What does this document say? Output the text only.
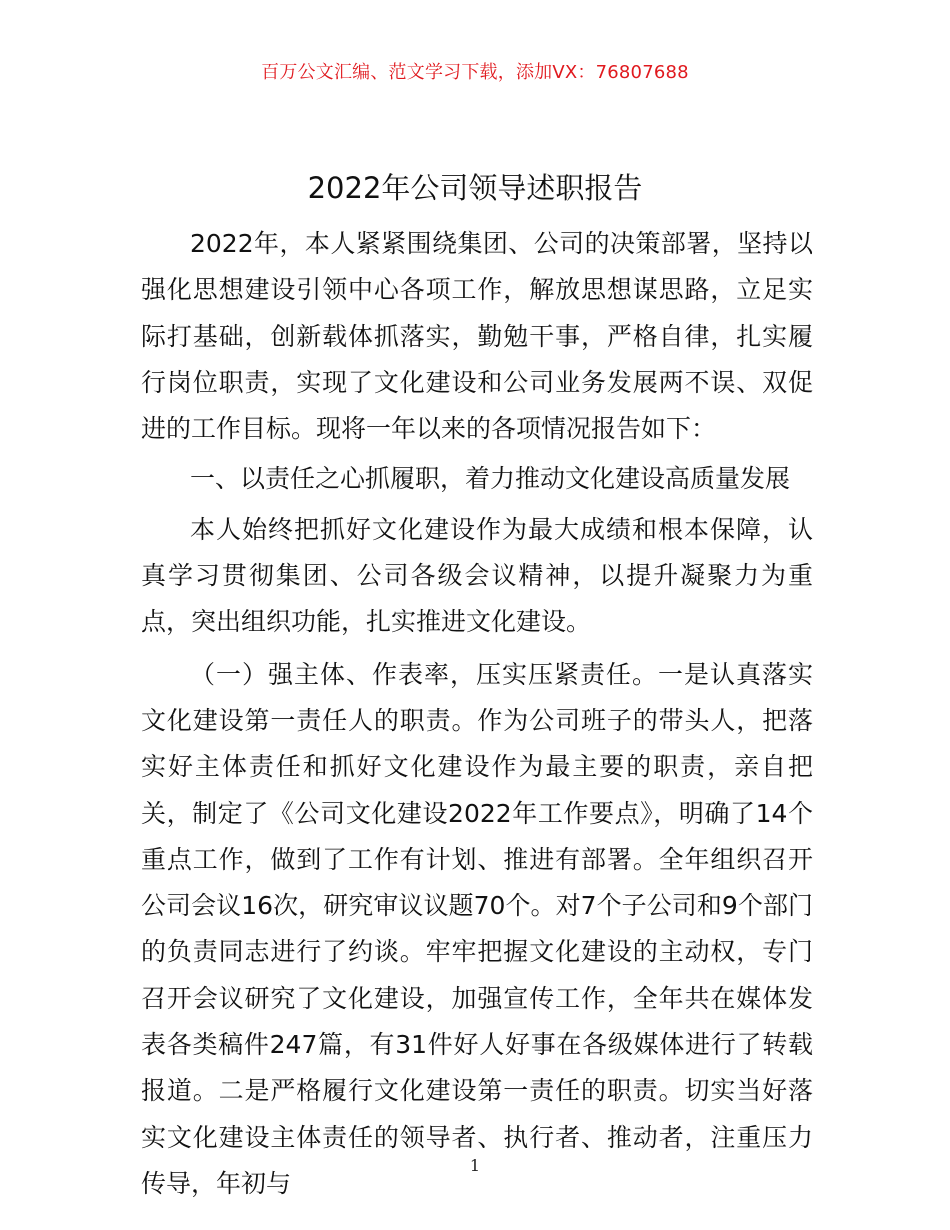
百万公文汇编、范文学习下载，添加VX：76807688
2022年公司领导述职报告

2022年，本人紧紧围绕集团、公司的决策部署，坚持以强化思想建设引领中心各项工作，解放思想谋思路，立足实际打基础，创新载体抓落实，勤勉干事，严格自律，扎实履行岗位职责，实现了文化建设和公司业务发展两不误、双促进的工作目标。现将一年以来的各项情况报告如下：

一、以责任之心抓履职，着力推动文化建设高质量发展

本人始终把抓好文化建设作为最大成绩和根本保障，认真学习贯彻集团、公司各级会议精神，以提升凝聚力为重点，突出组织功能，扎实推进文化建设。

（一）强主体、作表率，压实压紧责任。一是认真落实文化建设第一责任人的职责。作为公司班子的带头人，把落实好主体责任和抓好文化建设作为最主要的职责，亲自把关，制定了《公司文化建设2022年工作要点》，明确了14个重点工作，做到了工作有计划、推进有部署。全年组织召开公司会议16次，研究审议议题70个。对7个子公司和9个部门的负责同志进行了约谈。牢牢把握文化建设的主动权，专门召开会议研究了文化建设，加强宣传工作，全年共在媒体发表各类稿件247篇，有31件好人好事在各级媒体进行了转载报道。二是严格履行文化建设第一责任的职责。切实当好落实文化建设主体责任的领导者、执行者、推动者，注重压力传导，年初与

1
